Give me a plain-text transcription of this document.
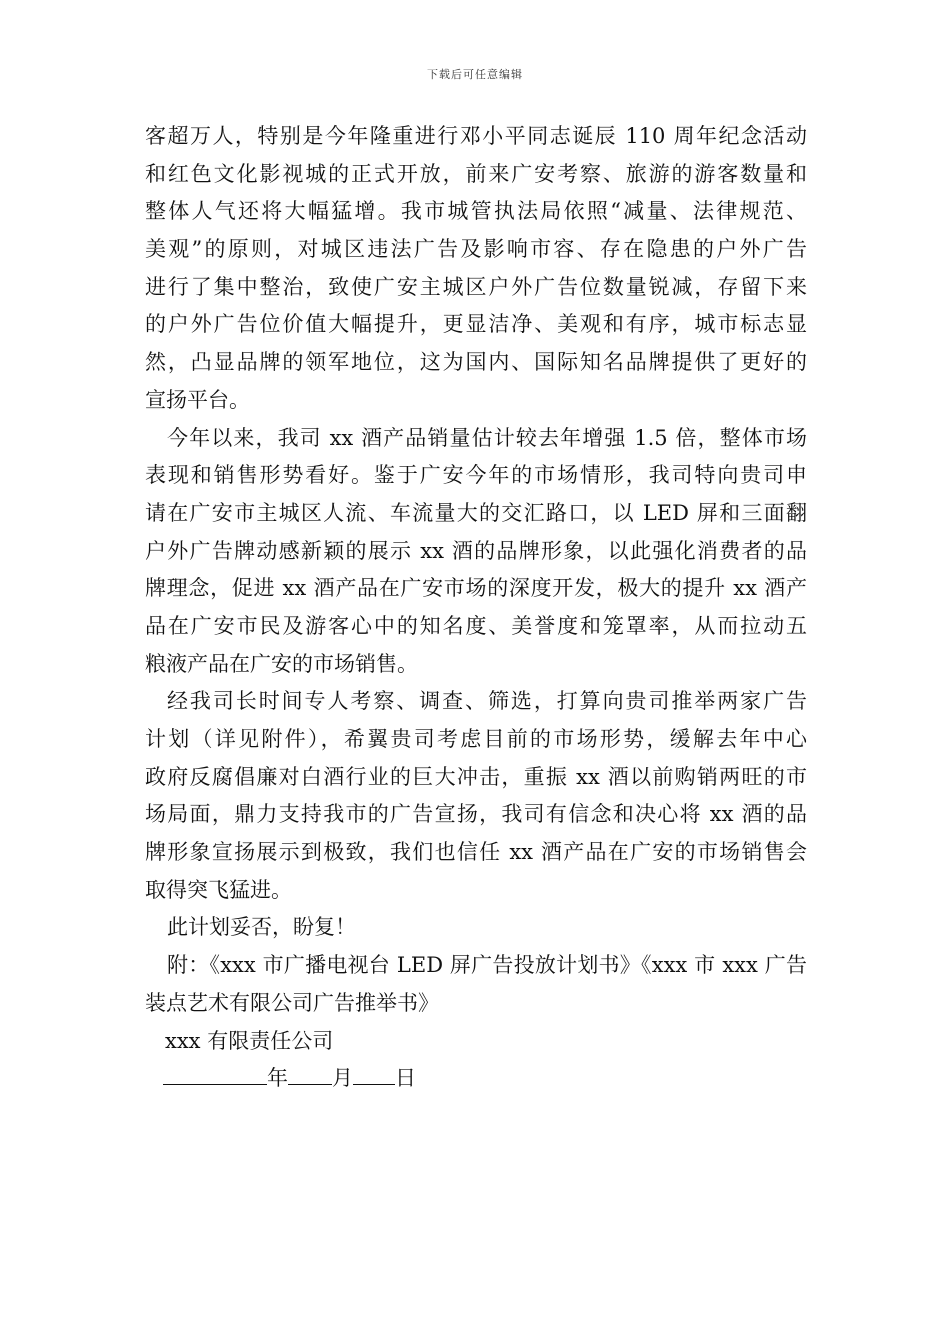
下载后可任意编辑
客超万人，特别是今年隆重进行邓小平同志诞辰 110 周年纪念活动
和红色文化影视城的正式开放，前来广安考察、旅游的游客数量和
整体人气还将大幅猛增。我市城管执法局依照“减量、法律规范、
美观”的原则，对城区违法广告及影响市容、存在隐患的户外广告
进行了集中整治，致使广安主城区户外广告位数量锐减，存留下来
的户外广告位价值大幅提升，更显洁净、美观和有序，城市标志显
然，凸显品牌的领军地位，这为国内、国际知名品牌提供了更好的
宣扬平台。
今年以来，我司 xx 酒产品销量估计较去年增强 1.5 倍，整体市场
表现和销售形势看好。鉴于广安今年的市场情形，我司特向贵司申
请在广安市主城区人流、车流量大的交汇路口，以 LED 屏和三面翻
户外广告牌动感新颖的展示 xx 酒的品牌形象，以此强化消费者的品
牌理念，促进 xx 酒产品在广安市场的深度开发，极大的提升 xx 酒产
品在广安市民及游客心中的知名度、美誉度和笼罩率，从而拉动五
粮液产品在广安的市场销售。
经我司长时间专人考察、调查、筛选，打算向贵司推举两家广告
计划（详见附件），希翼贵司考虑目前的市场形势，缓解去年中心
政府反腐倡廉对白酒行业的巨大冲击，重振 xx 酒以前购销两旺的市
场局面，鼎力支持我市的广告宣扬，我司有信念和决心将 xx 酒的品
牌形象宣扬展示到极致，我们也信任 xx 酒产品在广安的市场销售会
取得突飞猛进。
此计划妥否，盼复！
附：《xxx 市广播电视台 LED 屏广告投放计划书》《xxx 市 xxx 广告
装点艺术有限公司广告推举书》
xxx 有限责任公司
年 月 日
